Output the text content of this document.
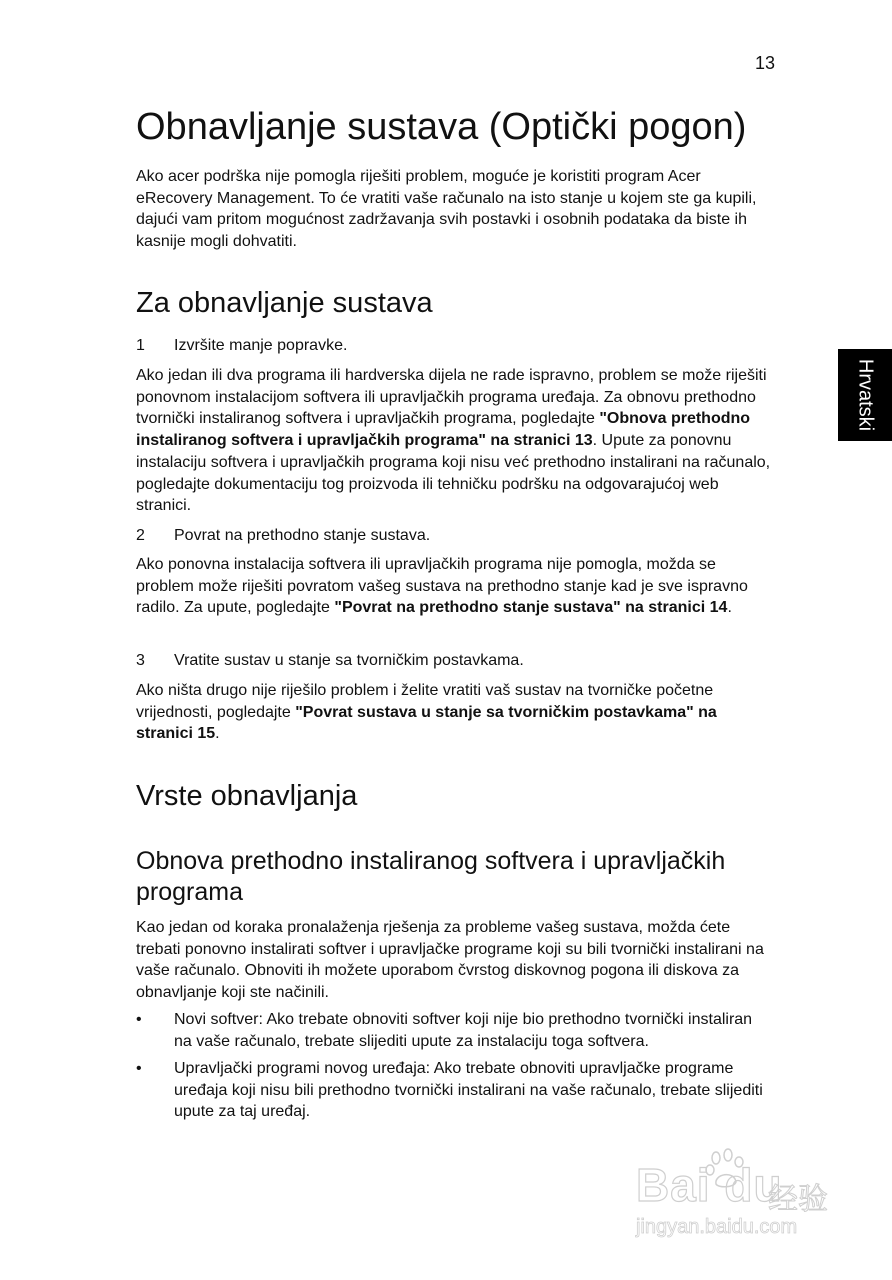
13
Hrvatski
Obnavljanje sustava (Optički pogon)

Ako acer podrška nije pomogla riješiti problem, moguće je koristiti program Acer eRecovery Management. To će vratiti vaše računalo na isto stanje u kojem ste ga kupili, dajući vam pritom mogućnost zadržavanja svih postavki i osobnih podataka da biste ih kasnije mogli dohvatiti.

Za obnavljanje sustava
1 Izvršite manje popravke.

Ako jedan ili dva programa ili hardverska dijela ne rade ispravno, problem se može riješiti ponovnom instalacijom softvera ili upravljačkih programa uređaja. Za obnovu prethodno tvornički instaliranog softvera i upravljačkih programa, pogledajte "Obnova prethodno instaliranog softvera i upravljačkih programa" na stranici 13. Upute za ponovnu instalaciju softvera i upravljačkih programa koji nisu već prethodno instalirani na računalo, pogledajte dokumentaciju tog proizvoda ili tehničku podršku na odgovarajućoj web stranici.

2 Povrat na prethodno stanje sustava.

Ako ponovna instalacija softvera ili upravljačkih programa nije pomogla, možda se problem može riješiti povratom vašeg sustava na prethodno stanje kad je sve ispravno radilo. Za upute, pogledajte "Povrat na prethodno stanje sustava" na stranici 14.

3 Vratite sustav u stanje sa tvorničkim postavkama.

Ako ništa drugo nije riješilo problem i želite vratiti vaš sustav na tvorničke početne vrijednosti, pogledajte "Povrat sustava u stanje sa tvorničkim postavkama" na stranici 15.

Vrste obnavljanja
Obnova prethodno instaliranog softvera i upravljačkih programa

Kao jedan od koraka pronalaženja rješenja za probleme vašeg sustava, možda ćete trebati ponovno instalirati softver i upravljačke programe koji su bili tvornički instalirani na vaše računalo. Obnoviti ih možete uporabom čvrstog diskovnog pogona ili diskova za obnavljanje koji ste načinili.

• Novi softver: Ako trebate obnoviti softver koji nije bio prethodno tvornički instaliran na vaše računalo, trebate slijediti upute za instalaciju toga softvera.
• Upravljački programi novog uređaja: Ako trebate obnoviti upravljačke programe uređaja koji nisu bili prethodno tvornički instalirani na vaše računalo, trebate slijediti upute za taj uređaj.
Bai du
经验
jingyan.baidu.com
